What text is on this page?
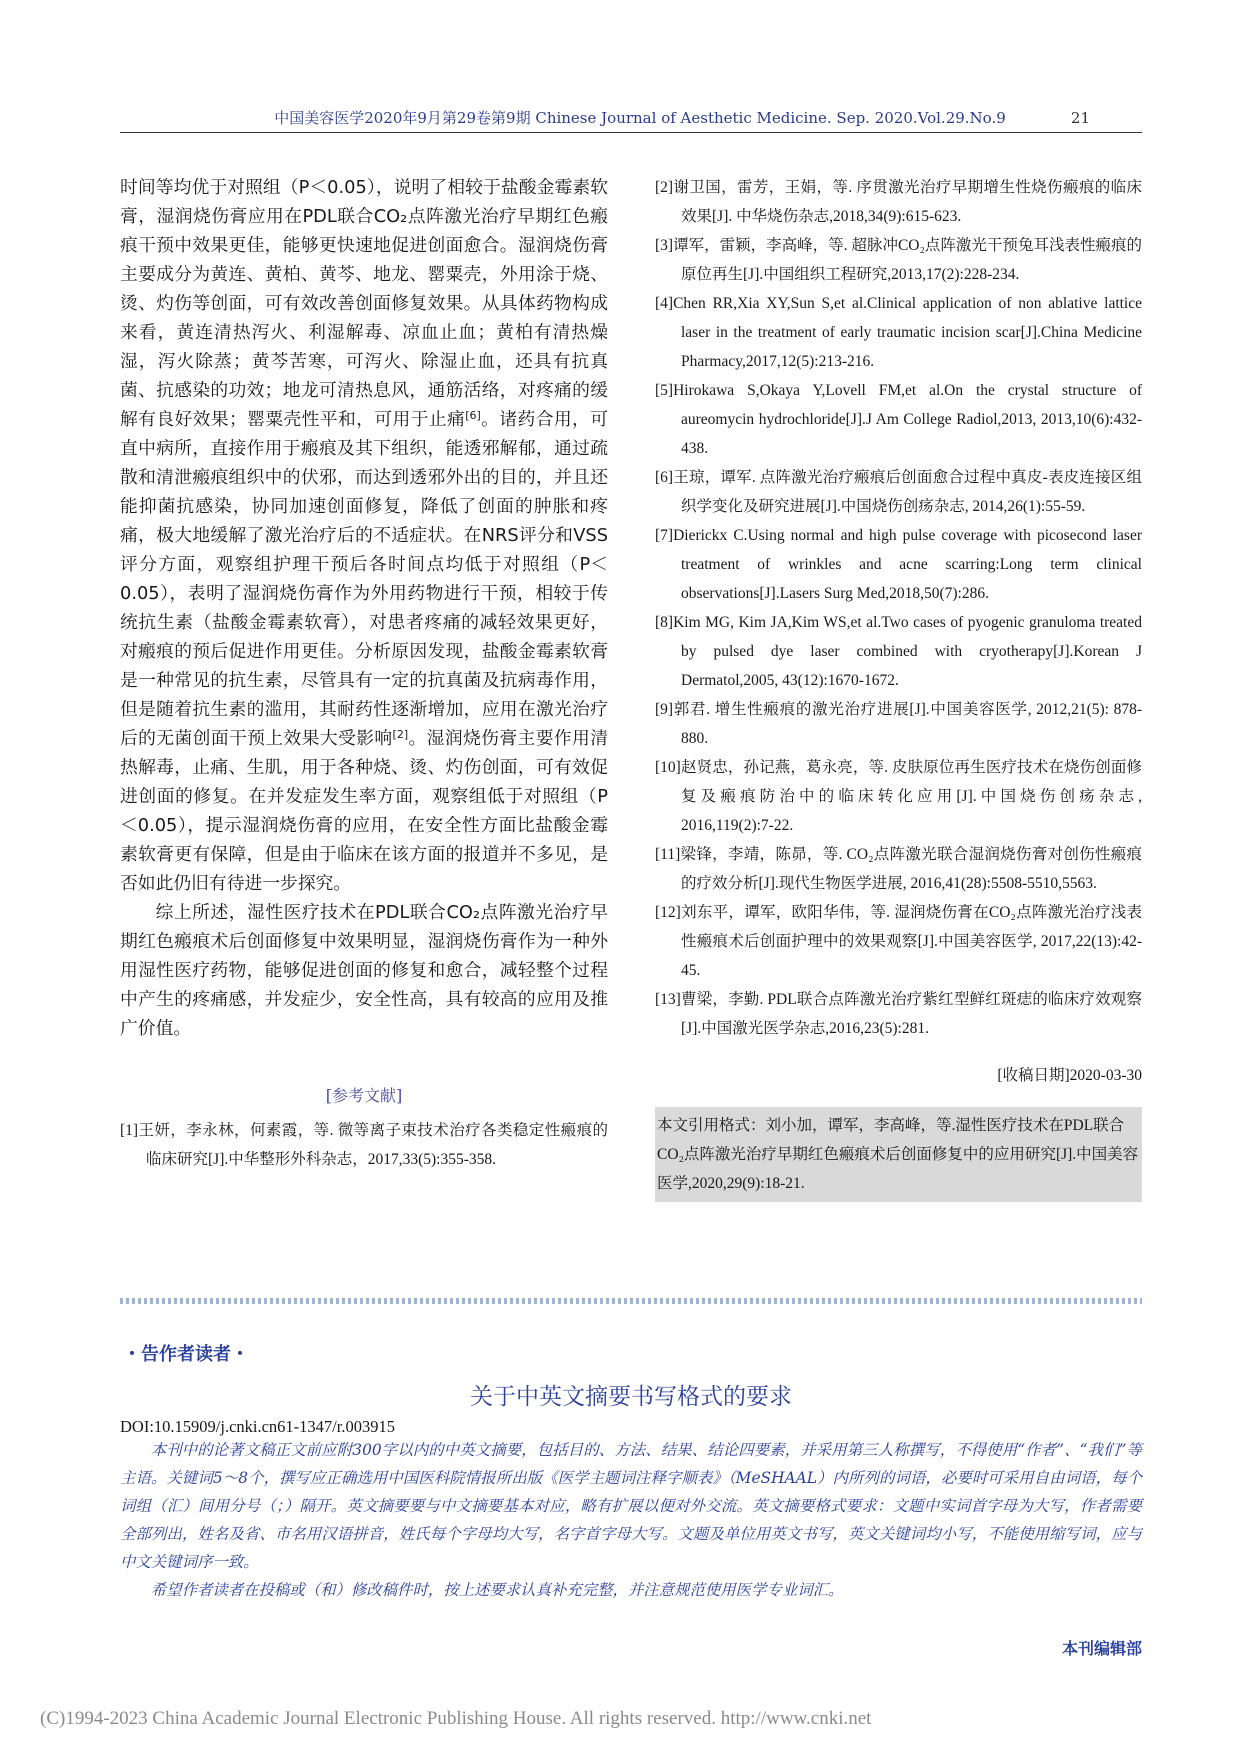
中国美容医学2020年9月第29卷第9期 Chinese Journal of Aesthetic Medicine. Sep. 2020.Vol.29.No.9	21

时间等均优于对照组（P＜0.05），说明了相较于盐酸金霉素软膏，湿润烧伤膏应用在PDL联合CO₂点阵激光治疗早期红色瘢痕干预中效果更佳，能够更快速地促进创面愈合。湿润烧伤膏主要成分为黄连、黄柏、黄芩、地龙、罂粟壳，外用涂于烧、烫、灼伤等创面，可有效改善创面修复效果。从具体药物构成来看，黄连清热泻火、利湿解毒、凉血止血；黄柏有清热燥湿，泻火除蒸；黄芩苦寒，可泻火、除湿止血，还具有抗真菌、抗感染的功效；地龙可清热息风，通筋活络，对疼痛的缓解有良好效果；罂粟壳性平和，可用于止痛[6]。诸药合用，可直中病所，直接作用于瘢痕及其下组织，能透邪解郁，通过疏散和清泄瘢痕组织中的伏邪，而达到透邪外出的目的，并且还能抑菌抗感染，协同加速创面修复，降低了创面的肿胀和疼痛，极大地缓解了激光治疗后的不适症状。在NRS评分和VSS评分方面，观察组护理干预后各时间点均低于对照组（P＜0.05），表明了湿润烧伤膏作为外用药物进行干预，相较于传统抗生素（盐酸金霉素软膏），对患者疼痛的减轻效果更好，对瘢痕的预后促进作用更佳。分析原因发现，盐酸金霉素软膏是一种常见的抗生素，尽管具有一定的抗真菌及抗病毒作用，但是随着抗生素的滥用，其耐药性逐渐增加，应用在激光治疗后的无菌创面干预上效果大受影响[2]。湿润烧伤膏主要作用清热解毒，止痛、生肌，用于各种烧、烫、灼伤创面，可有效促进创面的修复。在并发症发生率方面，观察组低于对照组（P＜0.05），提示湿润烧伤膏的应用，在安全性方面比盐酸金霉素软膏更有保障，但是由于临床在该方面的报道并不多见，是否如此仍旧有待进一步探究。

综上所述，湿性医疗技术在PDL联合CO₂点阵激光治疗早期红色瘢痕术后创面修复中效果明显，湿润烧伤膏作为一种外用湿性医疗药物，能够促进创面的修复和愈合，减轻整个过程中产生的疼痛感，并发症少，安全性高，具有较高的应用及推广价值。

[参考文献]

[1]王妍，李永林，何素霞，等. 微等离子束技术治疗各类稳定性瘢痕的临床研究[J].中华整形外科杂志，2017,33(5):355-358.

[2]谢卫国，雷芳，王娟，等. 序贯激光治疗早期增生性烧伤瘢痕的临床效果[J]. 中华烧伤杂志,2018,34(9):615-623.

[3]谭军，雷颖，李高峰，等. 超脉冲CO₂点阵激光干预兔耳浅表性瘢痕的原位再生[J].中国组织工程研究,2013,17(2):228-234.

[4]Chen RR,Xia XY,Sun S,et al.Clinical application of non ablative lattice laser in the treatment of early traumatic incision scar[J].China Medicine Pharmacy,2017,12(5):213-216.

[5]Hirokawa S,Okaya Y,Lovell FM,et al.On the crystal structure of aureomycin hydrochloride[J].J Am College Radiol,2013, 2013,10(6):432-438.

[6]王琼，谭军. 点阵激光治疗瘢痕后创面愈合过程中真皮-表皮连接区组织学变化及研究进展[J].中国烧伤创疡杂志, 2014,26(1):55-59.

[7]Dierickx C.Using normal and high pulse coverage with picosecond laser treatment of wrinkles and acne scarring:Long term clinical observations[J].Lasers Surg Med,2018,50(7):286.

[8]Kim MG, Kim JA,Kim WS,et al.Two cases of pyogenic granuloma treated by pulsed dye laser combined with cryotherapy[J].Korean J Dermatol,2005, 43(12):1670-1672.

[9]郭君. 增生性瘢痕的激光治疗进展[J].中国美容医学, 2012,21(5): 878-880.

[10]赵贤忠，孙记燕，葛永亮，等. 皮肤原位再生医疗技术在烧伤创面修复及瘢痕防治中的临床转化应用[J].中国烧伤创疡杂志, 2016,119(2):7-22.

[11]梁锋，李靖，陈昴，等. CO₂点阵激光联合湿润烧伤膏对创伤性瘢痕的疗效分析[J].现代生物医学进展, 2016,41(28):5508-5510,5563.

[12]刘东平，谭军，欧阳华伟，等. 湿润烧伤膏在CO₂点阵激光治疗浅表性瘢痕术后创面护理中的效果观察[J].中国美容医学, 2017,22(13):42-45.

[13]曹梁，李勤. PDL联合点阵激光治疗紫红型鲜红斑痣的临床疗效观察[J].中国激光医学杂志,2016,23(5):281.

[收稿日期]2020-03-30
本文引用格式：刘小加，谭军，李高峰，等.湿性医疗技术在PDL联合CO₂点阵激光治疗早期红色瘢痕术后创面修复中的应用研究[J].中国美容医学,2020,29(9):18-21.
・告作者读者・
关于中英文摘要书写格式的要求
DOI:10.15909/j.cnki.cn61-1347/r.003915

本刊中的论著文稿正文前应附300字以内的中英文摘要，包括目的、方法、结果、结论四要素，并采用第三人称撰写，不得使用“作者”、“我们”等主语。关键词5～8个，撰写应正确选用中国医科院情报所出版《医学主题词注释字顺表》（MeSHAAL）内所列的词语，必要时可采用自由词语，每个词组（汇）间用分号（；）隔开。英文摘要要与中文摘要基本对应，略有扩展以便对外交流。英文摘要格式要求：文题中实词首字母为大写，作者需要全部列出，姓名及省、市名用汉语拼音，姓氏每个字母均大写，名字首字母大写。文题及单位用英文书写，英文关键词均小写，不能使用缩写词，应与中文关键词序一致。

希望作者读者在投稿或（和）修改稿件时，按上述要求认真补充完整，并注意规范使用医学专业词汇。

本刊编辑部
(C)1994-2023 China Academic Journal Electronic Publishing House. All rights reserved. http://www.cnki.net
